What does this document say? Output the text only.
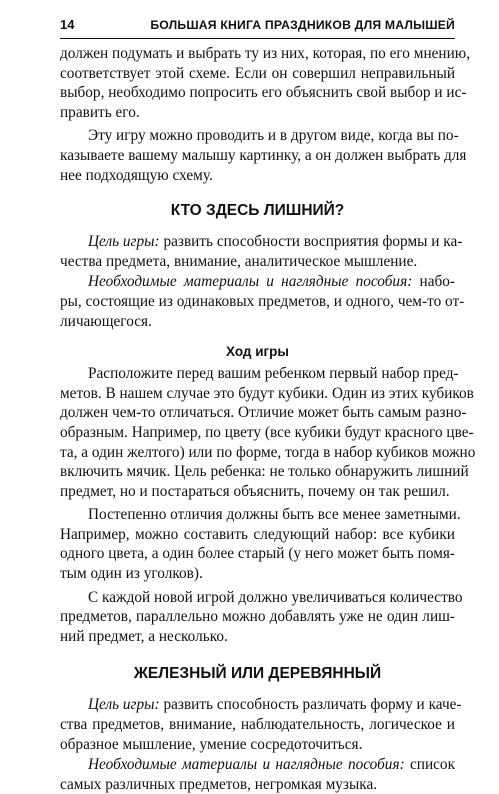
14	БОЛЬШАЯ КНИГА ПРАЗДНИКОВ ДЛЯ МАЛЫШЕЙ
должен подумать и выбрать ту из них, которая, по его мнению,
соответствует этой схеме. Если он совершил неправильный
выбор, необходимо попросить его объяснить свой выбор и ис-
править его.
Эту игру можно проводить и в другом виде, когда вы по-
казываете вашему малышу картинку, а он должен выбрать для
нее подходящую схему.
КТО ЗДЕСЬ ЛИШНИЙ?
Цель игры: развить способности восприятия формы и ка-
чества предмета, внимание, аналитическое мышление.
Необходимые материалы и наглядные пособия: набо-
ры, состоящие из одинаковых предметов, и одного, чем-то от-
личающегося.
Ход игры
Расположите перед вашим ребенком первый набор пред-
метов. В нашем случае это будут кубики. Один из этих кубиков
должен чем-то отличаться. Отличие может быть самым разно-
образным. Например, по цвету (все кубики будут красного цве-
та, а один желтого) или по форме, тогда в набор кубиков можно
включить мячик. Цель ребенка: не только обнаружить лишний
предмет, но и постараться объяснить, почему он так решил.
Постепенно отличия должны быть все менее заметными.
Например, можно составить следующий набор: все кубики
одного цвета, а один более старый (у него может быть помя-
тым один из уголков).
С каждой новой игрой должно увеличиваться количество
предметов, параллельно можно добавлять уже не один лиш-
ний предмет, а несколько.
ЖЕЛЕЗНЫЙ ИЛИ ДЕРЕВЯННЫЙ
Цель игры: развить способность различать форму и каче-
ства предметов, внимание, наблюдательность, логическое и
образное мышление, умение сосредоточиться.
Необходимые материалы и наглядные пособия: список
самых различных предметов, негромкая музыка.
